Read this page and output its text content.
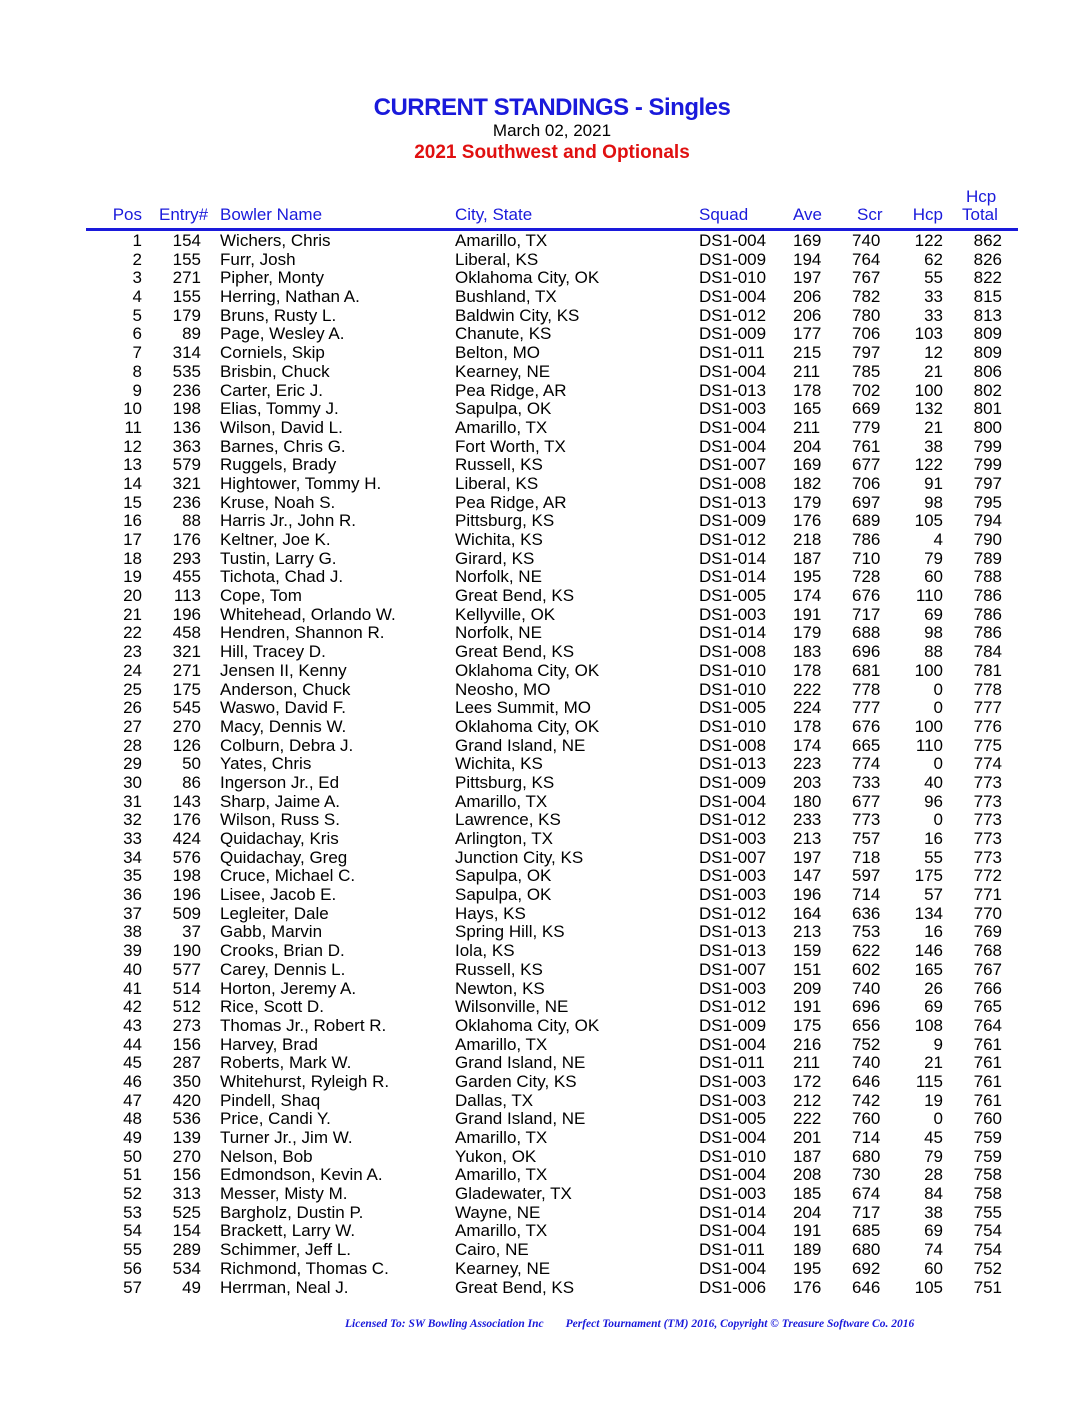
CURRENT STANDINGS - Singles
March 02, 2021
2021 Southwest and Optionals
Pos Entry# Bowler Name	City, State	Squad	Ave Scr Hcp
Hcp
Total
1 154 Wichers, Chris	Amarillo, TX	DS1-004 169 740 122 862
2 155 Furr, Josh	Liberal, KS	DS1-009 194 764	62 826
3 271 Pipher, Monty	Oklahoma City, OK	DS1-010 197 767	55 822
4 155 Herring, Nathan A.	Bushland, TX	DS1-004 206 782	33 815
5 179 Bruns, Rusty L.	Baldwin City, KS	DS1-012 206 780	33 813
6 89 Page, Wesley A.	Chanute, KS	DS1-009 177 706 103 809
7 314 Corniels, Skip	Belton, MO	DS1-011 215 797	12 809
8 535 Brisbin, Chuck	Kearney, NE	DS1-004 211 785	21 806
9 236 Carter, Eric J.	Pea Ridge, AR	DS1-013 178 702 100 802
10 198 Elias, Tommy J.	Sapulpa, OK	DS1-003 165 669 132 801
11 136 Wilson, David L.	Amarillo, TX	DS1-004 211 779	21 800
12 363 Barnes, Chris G.	Fort Worth, TX	DS1-004 204 761	38 799
13 579 Ruggels, Brady	Russell, KS	DS1-007 169 677 122 799
14 321 Hightower, Tommy H.	Liberal, KS	DS1-008 182 706	91 797
15 236 Kruse, Noah S.	Pea Ridge, AR	DS1-013 179 697	98 795
16 88 Harris Jr., John R.	Pittsburg, KS	DS1-009 176 689 105 794
17 176 Keltner, Joe K.	Wichita, KS	DS1-012 218 786	4 790
18 293 Tustin, Larry G.	Girard, KS	DS1-014 187 710	79 789
19 455 Tichota, Chad J.	Norfolk, NE	DS1-014 195 728	60 788
20 113 Cope, Tom	Great Bend, KS	DS1-005 174 676 110 786
21 196 Whitehead, Orlando W.	Kellyville, OK	DS1-003 191 717	69 786
22 458 Hendren, Shannon R.	Norfolk, NE	DS1-014 179 688	98 786
23 321 Hill, Tracey D.	Great Bend, KS	DS1-008 183 696	88 784
24 271 Jensen II, Kenny	Oklahoma City, OK	DS1-010 178 681 100 781
25 175 Anderson, Chuck	Neosho, MO	DS1-010 222 778	0 778
26 545 Waswo, David F.	Lees Summit, MO	DS1-005 224 777	0 777
27 270 Macy, Dennis W.	Oklahoma City, OK	DS1-010 178 676 100 776
28 126 Colburn, Debra J.	Grand Island, NE	DS1-008 174 665 110 775
29 50 Yates, Chris	Wichita, KS	DS1-013 223 774	0 774
30 86 Ingerson Jr., Ed	Pittsburg, KS	DS1-009 203 733	40 773
31 143 Sharp, Jaime A.	Amarillo, TX	DS1-004 180 677	96 773
32 176 Wilson, Russ S.	Lawrence, KS	DS1-012 233 773	0 773
33 424 Quidachay, Kris	Arlington, TX	DS1-003 213 757	16 773
34 576 Quidachay, Greg	Junction City, KS	DS1-007 197 718	55 773
35 198 Cruce, Michael C.	Sapulpa, OK	DS1-003 147 597 175 772
36 196 Lisee, Jacob E.	Sapulpa, OK	DS1-003 196 714	57 771
37 509 Legleiter, Dale	Hays, KS	DS1-012 164 636 134 770
38 37 Gabb, Marvin	Spring Hill, KS	DS1-013 213 753	16 769
39 190 Crooks, Brian D.	Iola, KS	DS1-013 159 622 146 768
40 577 Carey, Dennis L.	Russell, KS	DS1-007 151 602 165 767
41 514 Horton, Jeremy A.	Newton, KS	DS1-003 209 740	26 766
42 512 Rice, Scott D.	Wilsonville, NE	DS1-012 191 696	69 765
43 273 Thomas Jr., Robert R.	Oklahoma City, OK	DS1-009 175 656 108 764
44 156 Harvey, Brad	Amarillo, TX	DS1-004 216 752	9 761
45 287 Roberts, Mark W.	Grand Island, NE	DS1-011 211 740	21 761
46 350 Whitehurst, Ryleigh R.	Garden City, KS	DS1-003 172 646 115 761
47 420 Pindell, Shaq	Dallas, TX	DS1-003 212 742	19 761
48 536 Price, Candi Y.	Grand Island, NE	DS1-005 222 760	0 760
49 139 Turner Jr., Jim W.	Amarillo, TX	DS1-004 201 714	45 759
50 270 Nelson, Bob	Yukon, OK	DS1-010 187 680	79 759
51 156 Edmondson, Kevin A.	Amarillo, TX	DS1-004 208 730	28 758
52 313 Messer, Misty M.	Gladewater, TX	DS1-003 185 674	84 758
53 525 Bargholz, Dustin P.	Wayne, NE	DS1-014 204 717	38 755
54 154 Brackett, Larry W.	Amarillo, TX	DS1-004 191 685	69 754
55 289 Schimmer, Jeff L.	Cairo, NE	DS1-011 189 680	74 754
56 534 Richmond, Thomas C.	Kearney, NE	DS1-004 195 692	60 752
57 49 Herrman, Neal J.	Great Bend, KS	DS1-006 176 646 105 751
Licensed To: SW Bowling Association Inc Perfect Tournament (TM) 2016, Copyright © Treasure Software Co. 2016
